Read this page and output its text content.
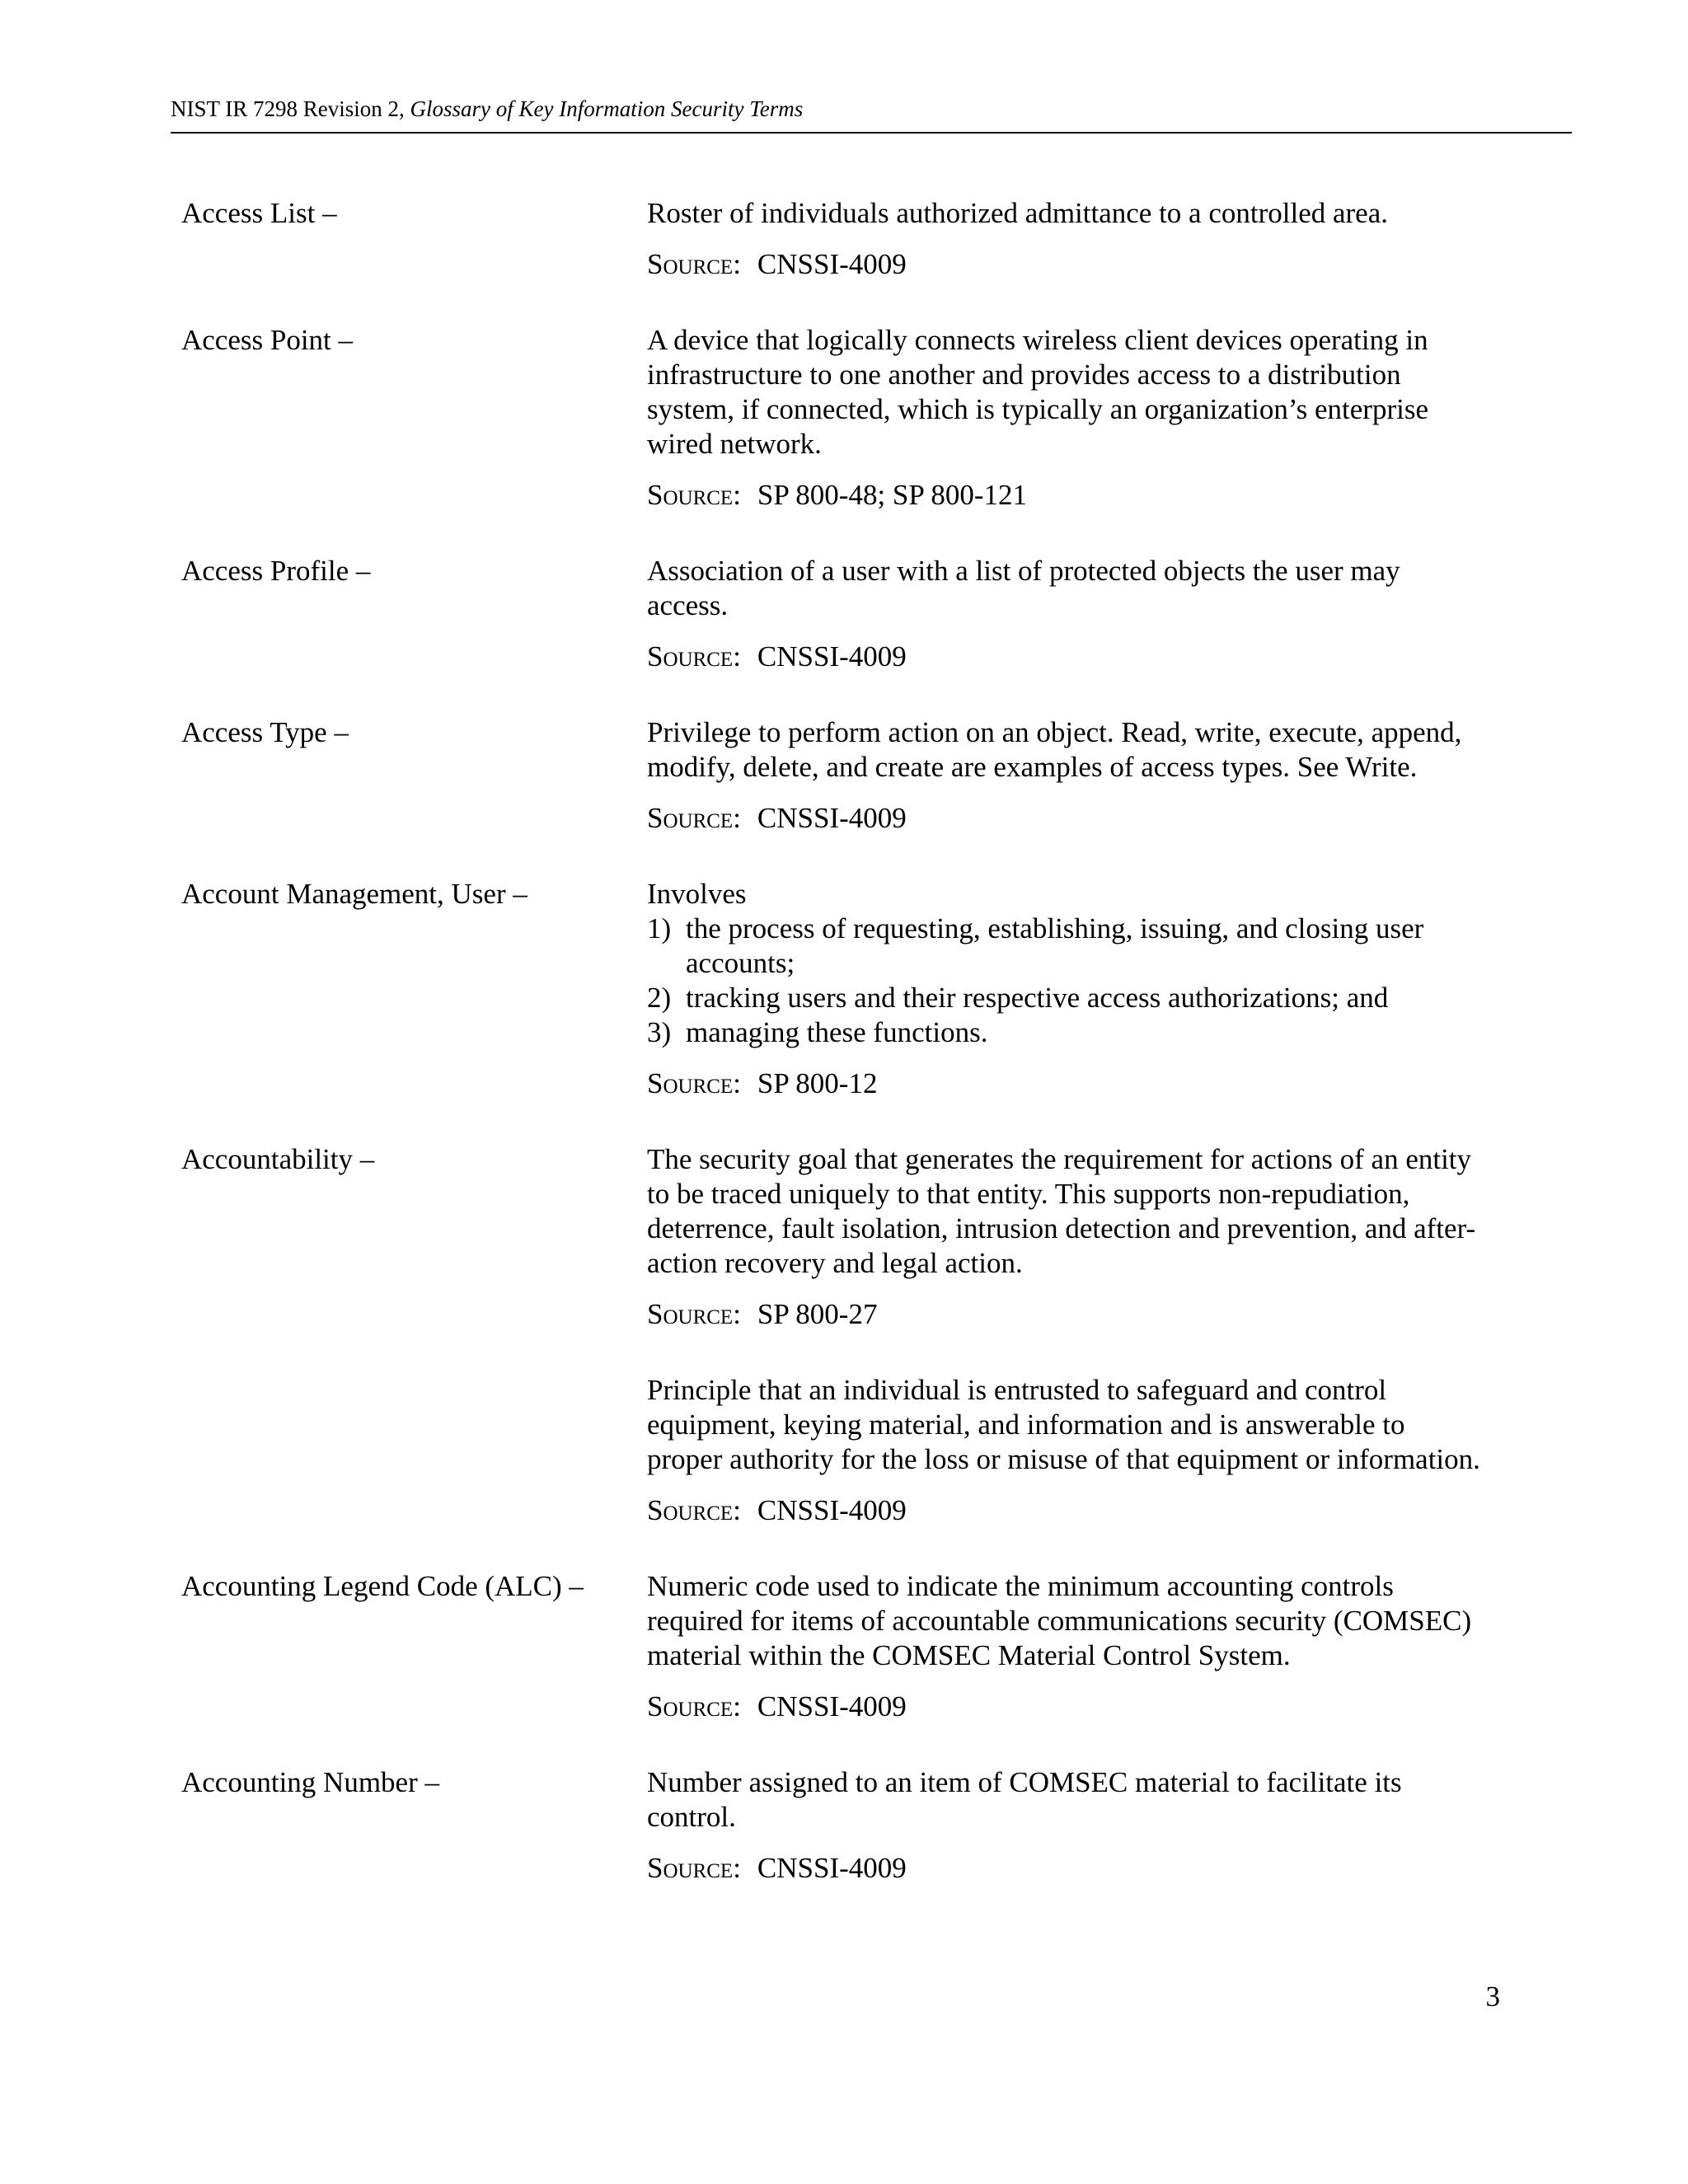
NIST IR 7298 Revision 2, Glossary of Key Information Security Terms
Access List –	Roster of individuals authorized admittance to a controlled area.
Source: CNSSI-4009
Access Point –	A device that logically connects wireless client devices operating in infrastructure to one another and provides access to a distribution system, if connected, which is typically an organization’s enterprise wired network.
Source: SP 800-48; SP 800-121
Access Profile –	Association of a user with a list of protected objects the user may access.
Source: CNSSI-4009
Access Type –	Privilege to perform action on an object. Read, write, execute, append, modify, delete, and create are examples of access types. See Write.
Source: CNSSI-4009
Account Management, User –	Involves
1) the process of requesting, establishing, issuing, and closing user accounts;
2) tracking users and their respective access authorizations; and
3) managing these functions.
Source: SP 800-12
Accountability –	The security goal that generates the requirement for actions of an entity to be traced uniquely to that entity. This supports non-repudiation, deterrence, fault isolation, intrusion detection and prevention, and after-action recovery and legal action.
Source: SP 800-27
Principle that an individual is entrusted to safeguard and control equipment, keying material, and information and is answerable to proper authority for the loss or misuse of that equipment or information.
Source: CNSSI-4009
Accounting Legend Code (ALC) –	Numeric code used to indicate the minimum accounting controls required for items of accountable communications security (COMSEC) material within the COMSEC Material Control System.
Source: CNSSI-4009
Accounting Number –	Number assigned to an item of COMSEC material to facilitate its control.
Source: CNSSI-4009
3
